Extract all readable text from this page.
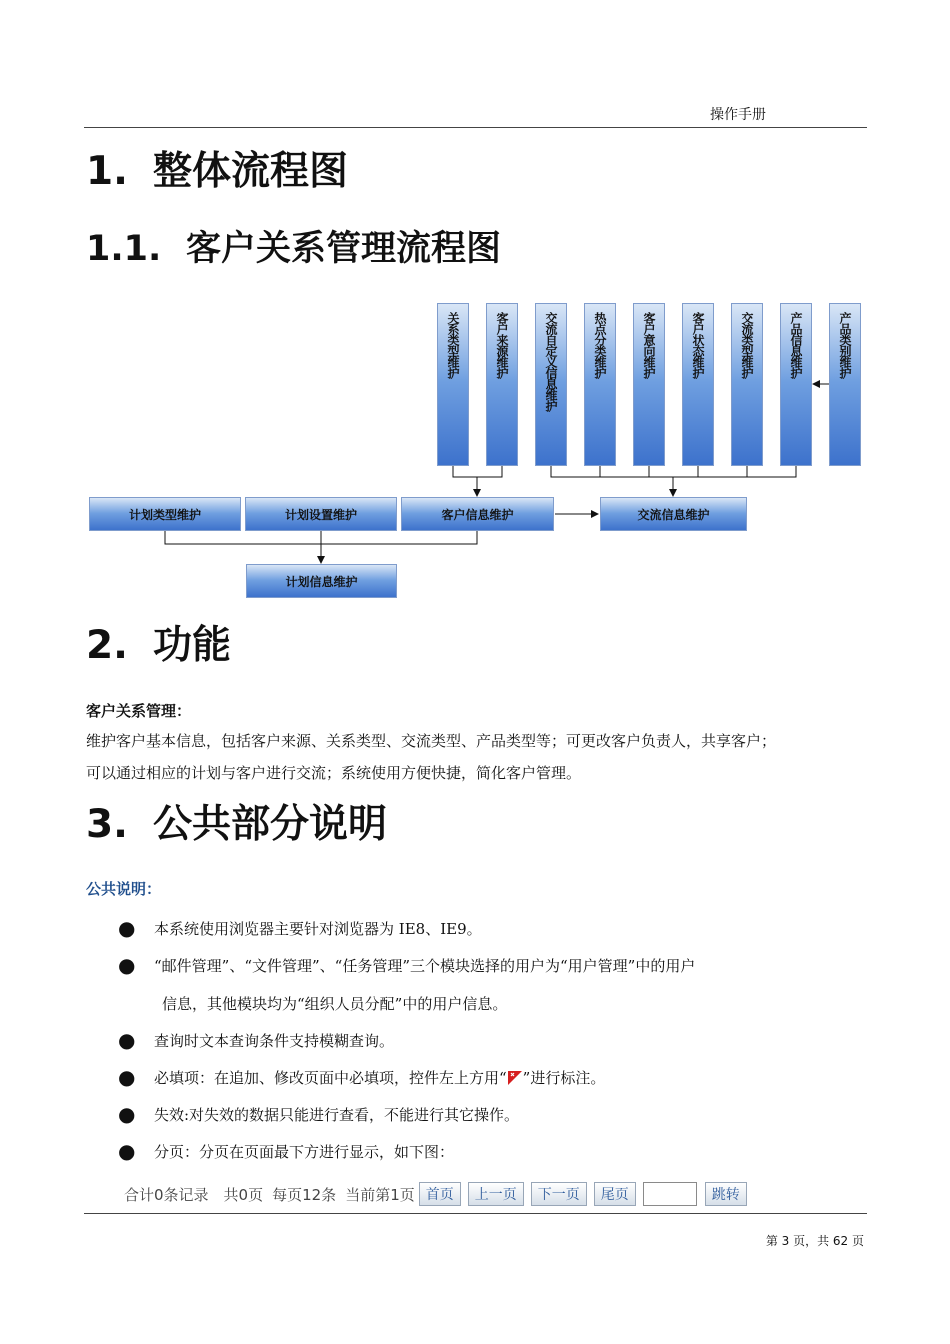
操作手册
1. 整体流程图
1.1. 客户关系管理流程图
关系类型维护	客户来源维护	交流自定义信息维护	热点分类维护	客户意向维护	客户状态维护	交流类型维护	产品信息维护	产品类别维护
计划类型维护	计划设置维护	客户信息维护	交流信息维护
计划信息维护
2. 功能
客户关系管理：
维护客户基本信息，包括客户来源、关系类型、交流类型、产品类型等；可更改客户负责人，共享客户；
可以通过相应的计划与客户进行交流；系统使用方便快捷，简化客户管理。
3. 公共部分说明
公共说明：
● 本系统使用浏览器主要针对浏览器为 IE8、IE9。
● “邮件管理”、“文件管理”、“任务管理”三个模块选择的用户为“用户管理”中的用户
信息，其他模块均为“组织人员分配”中的用户信息。
● 查询时文本查询条件支持模糊查询。
● 必填项：在追加、修改页面中必填项，控件左上方用“ ”进行标注。
● 失效:对失效的数据只能进行查看，不能进行其它操作。
● 分页：分页在页面最下方进行显示，如下图：
合计0条记录 共0页 每页12条 当前第1页 首页	上一页	下一页	尾页	跳转
第 3 页，共 62 页
